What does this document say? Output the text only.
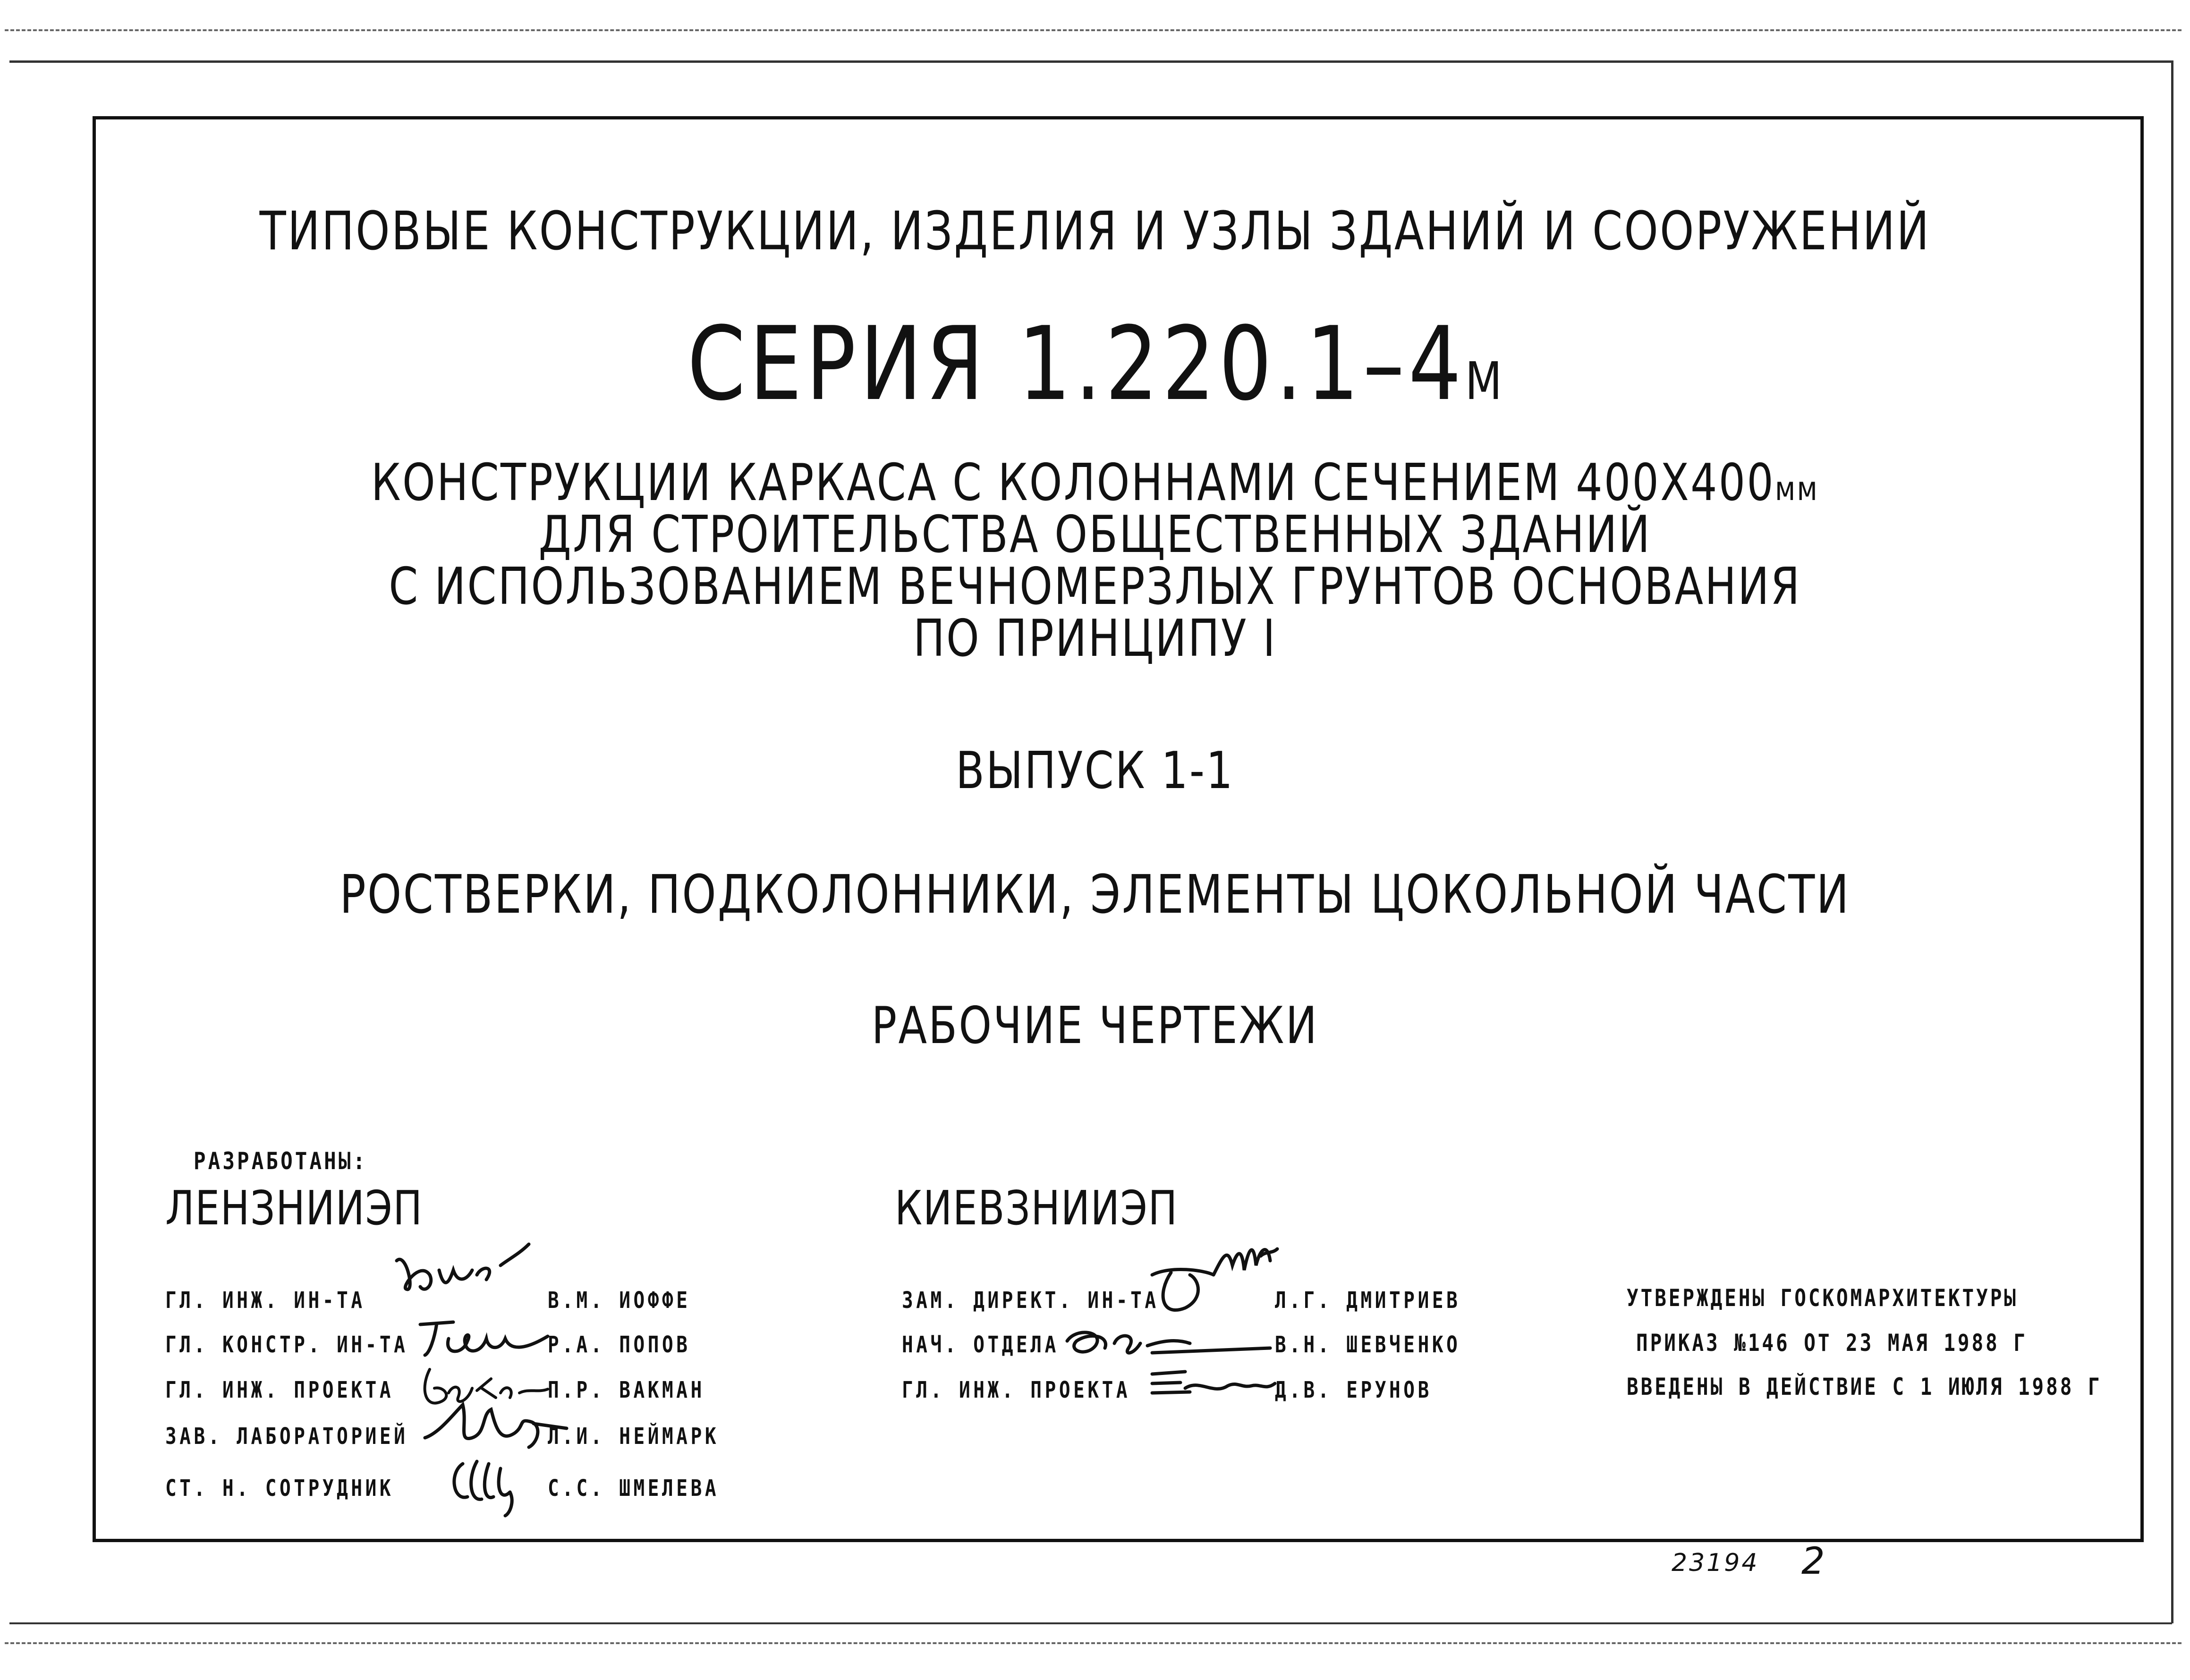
ТИПОВЫЕ КОНСТРУКЦИИ, ИЗДЕЛИЯ И УЗЛЫ ЗДАНИЙ И СООРУЖЕНИЙ
СЕРИЯ 1.220.1–4М
КОНСТРУКЦИИ КАРКАСА С КОЛОННАМИ СЕЧЕНИЕМ 400Х400мм
ДЛЯ СТРОИТЕЛЬСТВА ОБЩЕСТВЕННЫХ ЗДАНИЙ
С ИСПОЛЬЗОВАНИЕМ ВЕЧНОМЕРЗЛЫХ ГРУНТОВ ОСНОВАНИЯ
ПО ПРИНЦИПУ I
ВЫПУСК 1-1
РОСТВЕРКИ, ПОДКОЛОННИКИ, ЭЛЕМЕНТЫ ЦОКОЛЬНОЙ ЧАСТИ
РАБОЧИЕ ЧЕРТЕЖИ
РАЗРАБОТАНЫ:
ЛЕНЗНИИЭП	КИЕВЗНИИЭП
ГЛ. ИНЖ. ИН-ТА	В.М. ИОФФЕ
ГЛ. КОНСТР. ИН-ТА	Р.А. ПОПОВ
ГЛ. ИНЖ. ПРОЕКТА	П.Р. ВАКМАН
ЗАВ. ЛАБОРАТОРИЕЙ	Л.И. НЕЙМАРК
СТ. Н. СОТРУДНИК	С.С. ШМЕЛЕВА
ЗАМ. ДИРЕКТ. ИН-ТА	Л.Г. ДМИТРИЕВ
НАЧ. ОТДЕЛА	В.Н. ШЕВЧЕНКО
ГЛ. ИНЖ. ПРОЕКТА	Д.В. ЕРУНОВ
УТВЕРЖДЕНЫ ГОСКОМАРХИТЕКТУРЫ
ПРИКАЗ №146 ОТ 23 МАЯ 1988 Г
ВВЕДЕНЫ В ДЕЙСТВИЕ С 1 ИЮЛЯ 1988 Г
23194 2
